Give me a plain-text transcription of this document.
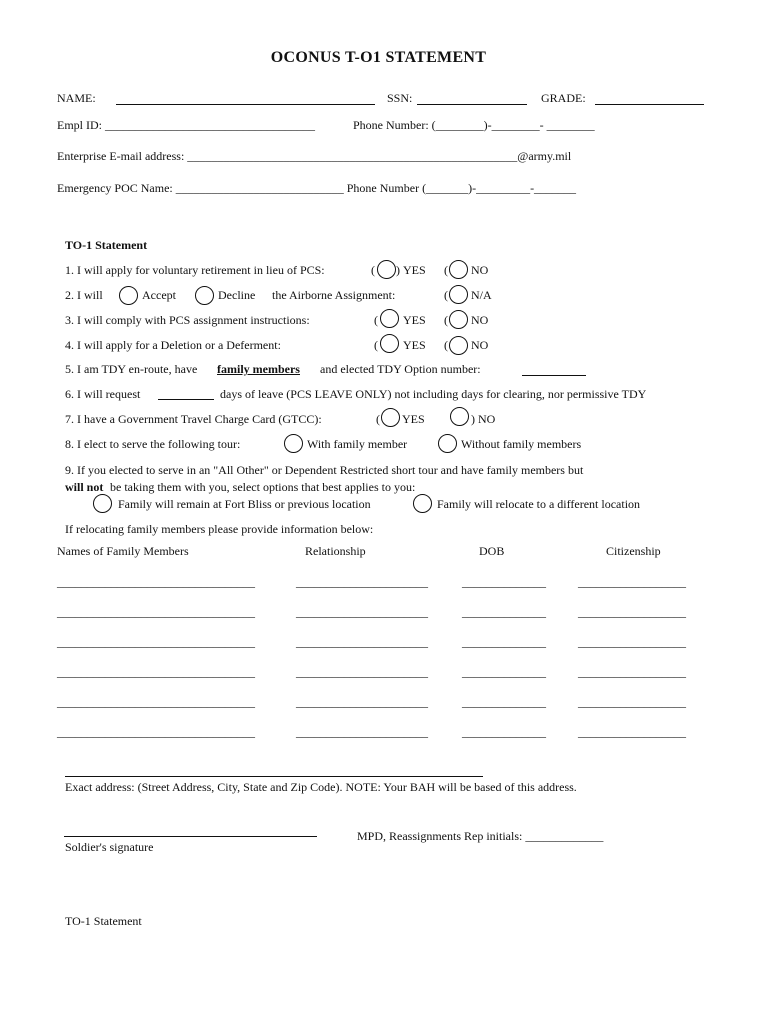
OCONUS T-O1 STATEMENT
NAME:	SSN:	GRADE:
Empl ID: ___________________________________	Phone Number: (________)-________- ________
Enterprise E-mail address: _______________________________________________________@army.mil
Emergency POC Name: ____________________________ Phone Number (_______)-_________-_______
TO-1 Statement
1. I will apply for voluntary retirement in lieu of PCS:	( ) YES ( NO
2. I will	Accept	Decline the Airborne Assignment:	( N/A
3. I will comply with PCS assignment instructions:	( YES ( NO
4. I will apply for a Deletion or a Deferment:	( YES ( NO
5. I am TDY en-route, have family members and elected TDY Option number:
6. I will request	days of leave (PCS LEAVE ONLY) not including days for clearing, nor permissive TDY
7. I have a Government Travel Charge Card (GTCC):	( YES	) NO
8. I elect to serve the following tour:	With family member	Without family members
9. If you elected to serve in an "All Other" or Dependent Restricted short tour and have family members but
will not be taking them with you, select options that best applies to you:
Family will remain at Fort Bliss or previous location	Family will relocate to a different location
If relocating family members please provide information below:
Names of Family Members	Relationship	DOB	Citizenship
_________________________________	______________________	______________	__________________
_________________________________	______________________	______________	__________________
_________________________________	______________________	______________	__________________
_________________________________	______________________	______________	__________________
_________________________________	______________________	______________	__________________
_________________________________	______________________	______________	__________________
Exact address: (Street Address, City, State and Zip Code). NOTE: Your BAH will be based of this address.
Soldier's signature
MPD, Reassignments Rep initials: _____________
TO-1 Statement
